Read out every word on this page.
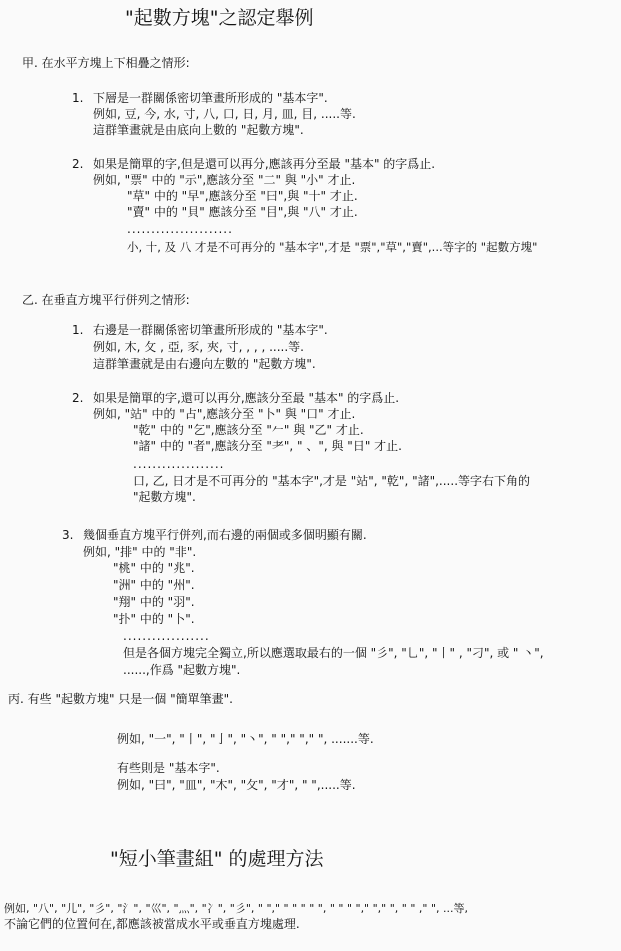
"起數方塊"之認定舉例
甲. 在水平方塊上下相疊之情形:
1. 下層是一群關係密切筆畫所形成的 "基本字".
例如, 豆, 今, 水, 寸, 八, 口, 日, 月, 皿, 目, .....等.
這群筆畫就是由底向上數的 "起數方塊".
2. 如果是簡單的字,但是還可以再分,應該再分至最 "基本" 的字爲止.
例如, "票" 中的 "示",應該分至 "二" 與 "小" 才止.
"草" 中的 "早",應該分至 "曰",與 "十" 才止.
"賣" 中的 "貝" 應該分至 "目",與 "八" 才止.
......................
小, 十, 及 八 才是不可再分的 "基本字",才是 "票","草","賣",...等字的 "起數方塊"
乙. 在垂直方塊平行併列之情形:
1. 右邊是一群關係密切筆畫所形成的 "基本字".
例如, 木, 攵 , 亞, 豕, 夾, 寸, , , , .....等.
這群筆畫就是由右邊向左數的 "起數方塊".
2. 如果是簡單的字,還可以再分,應該分至最 "基本" 的字爲止.
例如, "站" 中的 "占",應該分至 "卜" 與 "口" 才止.
"乾" 中的 "乞",應該分至 "𠂉" 與 "乙" 才止.
"諸" 中的 "者",應該分至 "耂", " 、", 與 "日" 才止.
...................
口, 乙, 日才是不可再分的 "基本字",才是 "站", "乾", "諸",.....等字右下角的
"起數方塊".
3. 幾個垂直方塊平行併列,而右邊的兩個或多個明顯有關.
例如, "排" 中的 "非".
"桃" 中的 "兆".
"洲" 中的 "州".
"翔" 中的 "羽".
"扑" 中的 "卜".
..................
但是各個方塊完全獨立,所以應選取最右的一個 "彡", "乚", "丨" , "刁", 或 " 丶",
......,作爲 "起數方塊".
丙. 有些 "起數方塊" 只是一個 "簡單筆畫".
例如, "一", "丨", "亅", "丶", " "," "," ", .......等.
有些則是 "基本字".
例如, "曰", "皿", "木", "攵", "才", " ",.....等.
"短小筆畫組" 的處理方法
例如, "八", "儿", "彡", "氵", "巛", "灬", "冫", "彡", " "," " " " " ", " " " "," "," ", " " ," ", ...等,
不論它們的位置何在,都應該被當成水平或垂直方塊處理.
